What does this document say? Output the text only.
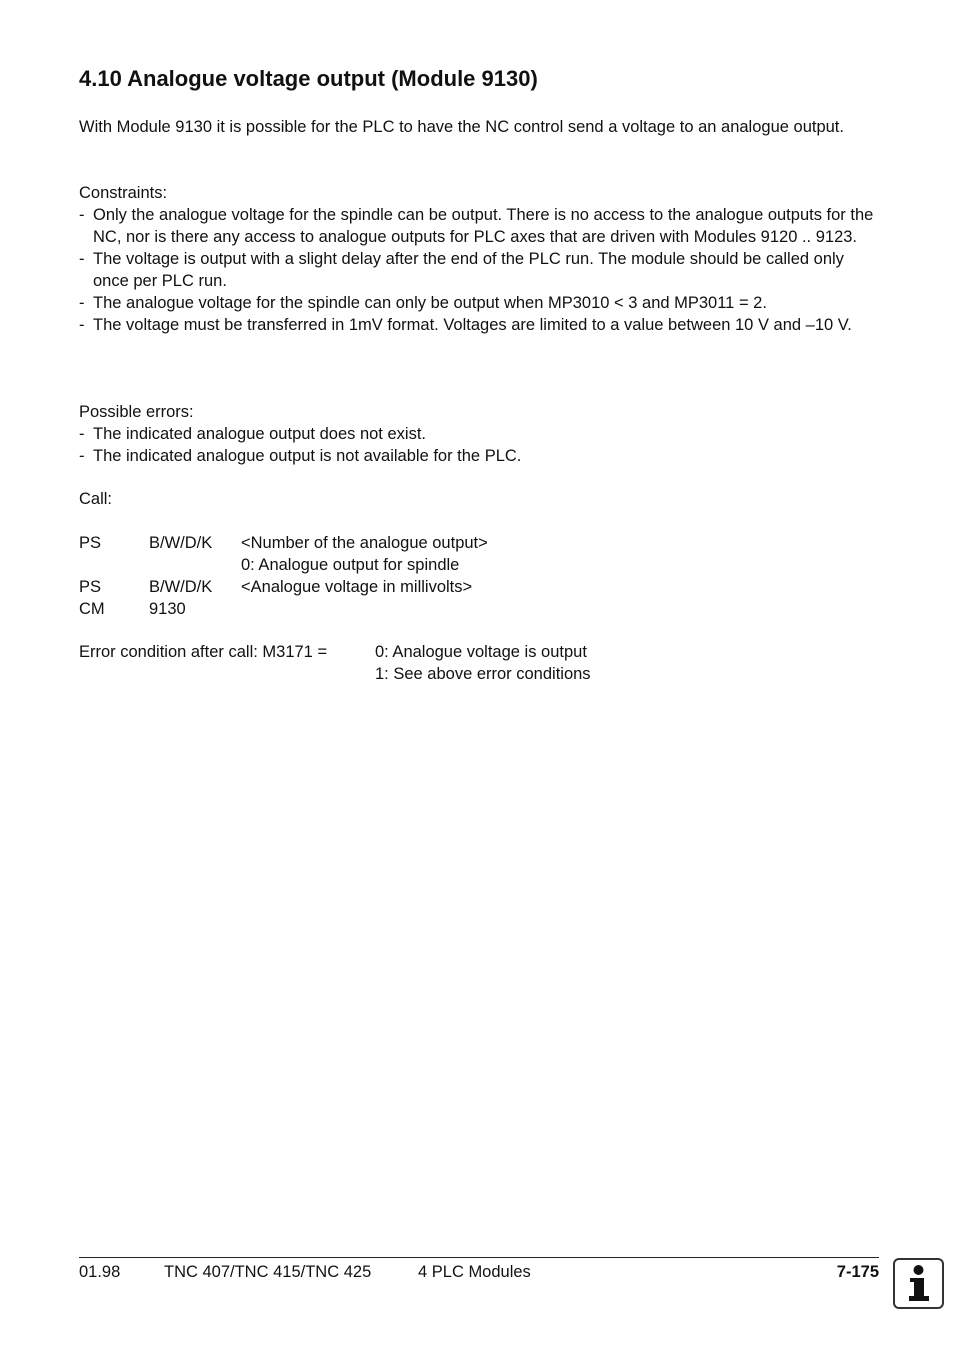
4.10 Analogue voltage output (Module 9130)

With Module 9130 it is possible for the PLC to have the NC control send a voltage to an analogue output.

Constraints:

- Only the analogue voltage for the spindle can be output. There is no access to the analogue outputs for the NC, nor is there any access to analogue outputs for PLC axes that are driven with Modules 9120 .. 9123.
- The voltage is output with a slight delay after the end of the PLC run. The module should be called only once per PLC run.
- The analogue voltage for the spindle can only be output when MP3010 < 3 and MP3011 = 2.
- The voltage must be transferred in 1mV format. Voltages are limited to a value between 10 V and –10 V.

Possible errors:

- The indicated analogue output does not exist.
- The indicated analogue output is not available for the PLC.

Call:

PS	B/W/D/K <Number of the analogue output>
0: Analogue output for spindle
PS	B/W/D/K <Analogue voltage in millivolts>
CM	9130
Error condition after call: M3171 =	0: Analogue voltage is output
1: See above error conditions
01.98	TNC 407/TNC 415/TNC 425	4 PLC Modules	7-175
